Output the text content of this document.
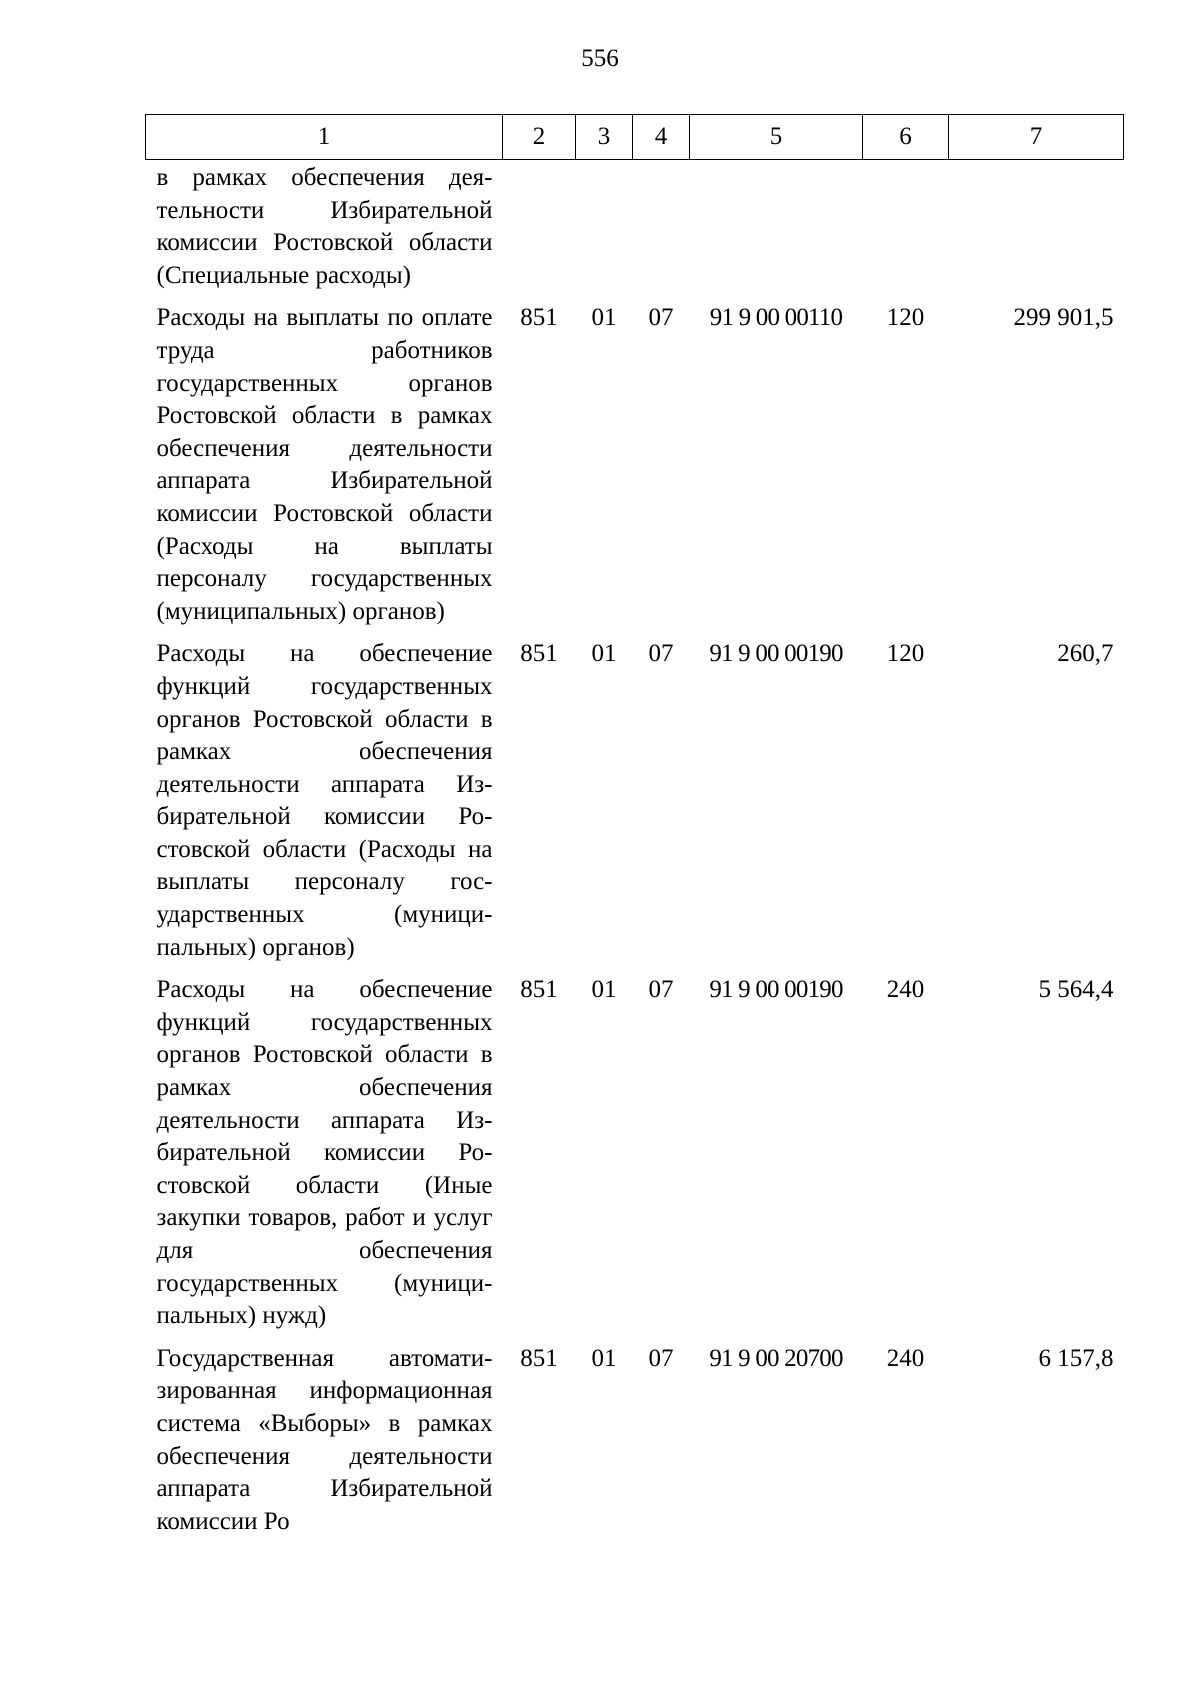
556
1	2	3	4	5	6	7
в рамках обеспечения деятельности Избирательной комиссии Ростовской области (Специальные расходы)						
Расходы на выплаты по оплате труда работников государственных органов Ростовской области в рамках обеспечения деятельности аппарата Избирательной комиссии Ростовской области (Расходы на выплаты персоналу государственных (муниципальных) органов)	851	01	07	91 9 00 00110	120	299 901,5
Расходы на обеспечение функций государственных органов Ростовской области в рамках обеспечения деятельности аппарата Избирательной комиссии Ростовской области (Расходы на выплаты персоналу государственных (муниципальных) органов)	851	01	07	91 9 00 00190	120	260,7
Расходы на обеспечение функций государственных органов Ростовской области в рамках обеспечения деятельности аппарата Избирательной комиссии Ростовской области (Иные закупки товаров, работ и услуг для обеспечения государственных (муниципальных) нужд)	851	01	07	91 9 00 00190	240	5 564,4
Государственная автоматизированная информационная система «Выборы» в рамках обеспечения деятельности аппарата Избирательной комиссии Ро	851	01	07	91 9 00 20700	240	6 157,8
